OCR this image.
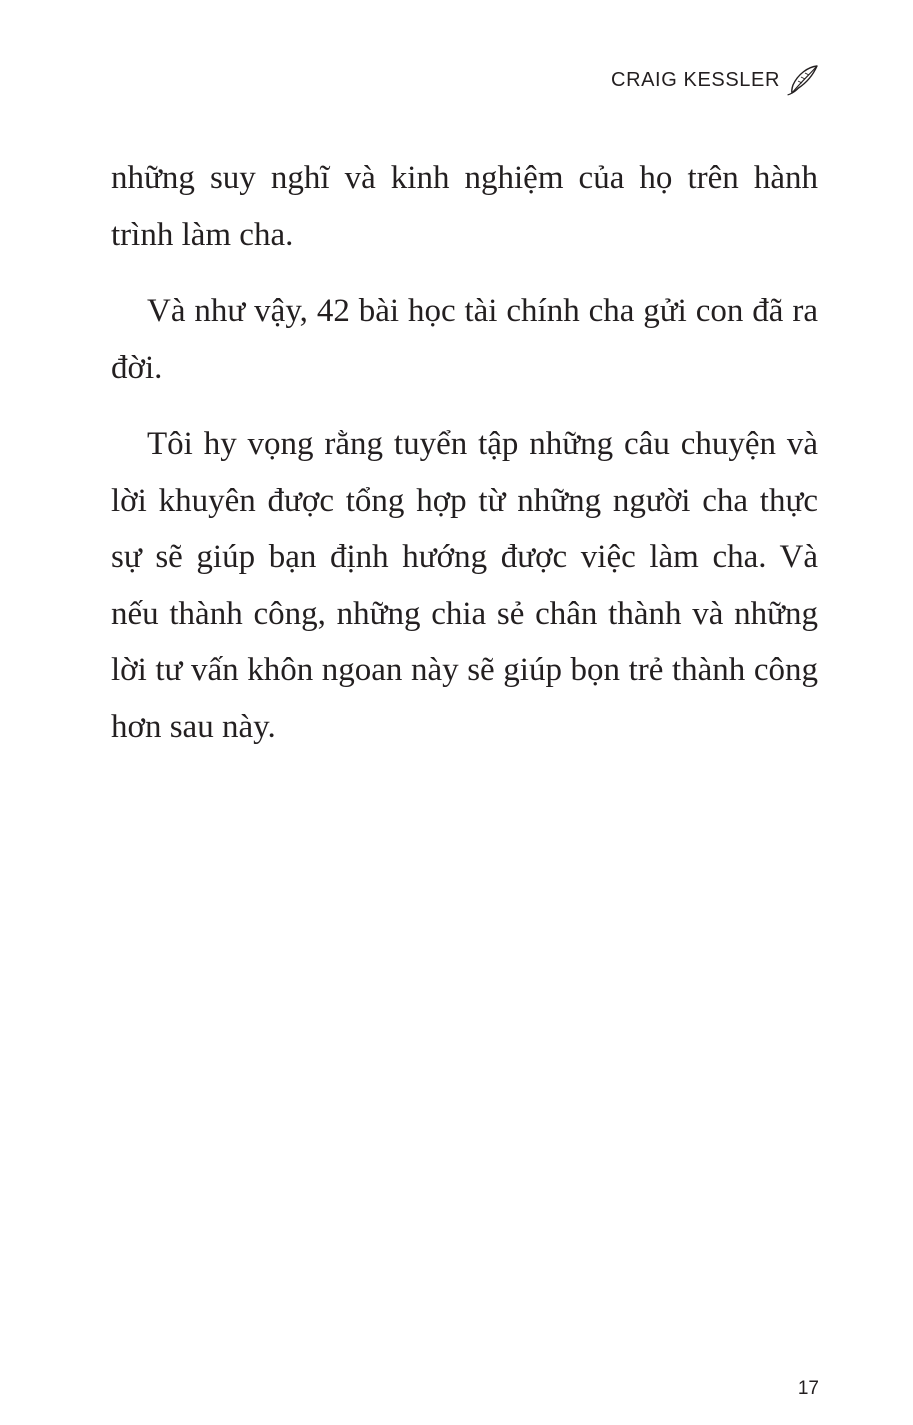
CRAIG KESSLER

những suy nghĩ và kinh nghiệm của họ trên hành trình làm cha.

Và như vậy, 42 bài học tài chính cha gửi con đã ra đời.

Tôi hy vọng rằng tuyển tập những câu chuyện và lời khuyên được tổng hợp từ những người cha thực sự sẽ giúp bạn định hướng được việc làm cha. Và nếu thành công, những chia sẻ chân thành và những lời tư vấn khôn ngoan này sẽ giúp bọn trẻ thành công hơn sau này.

17
